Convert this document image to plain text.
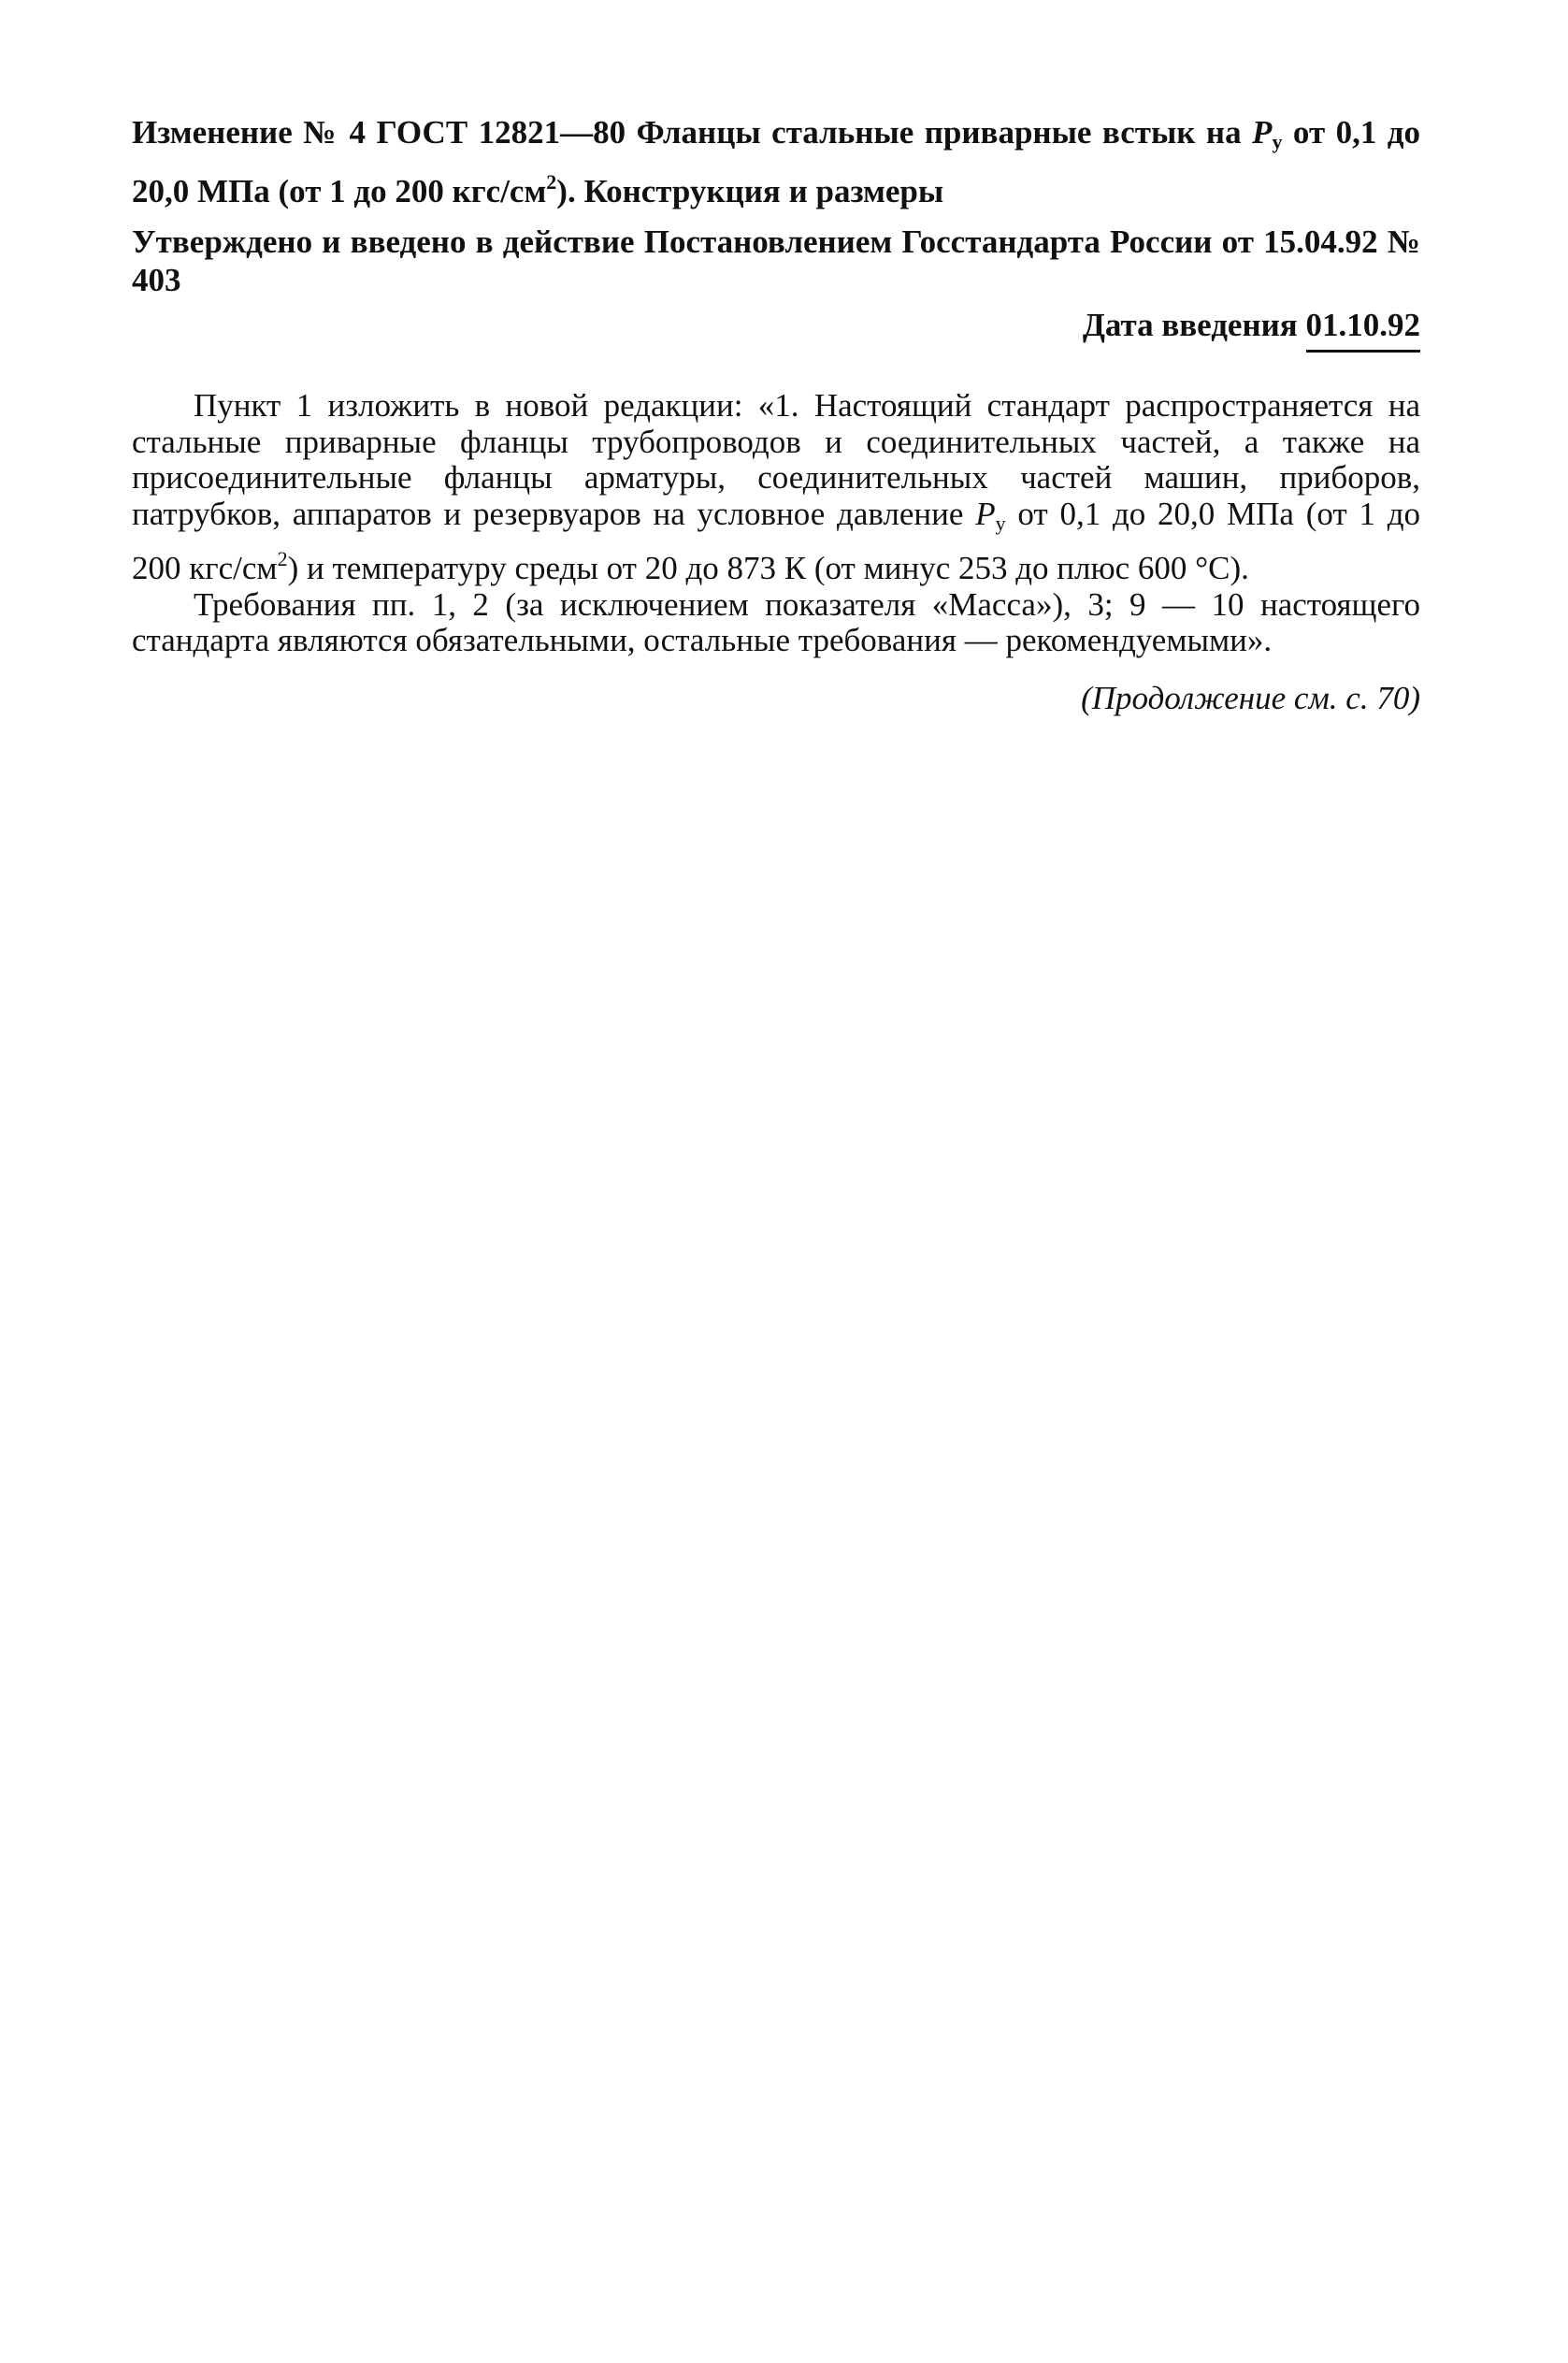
Изменение № 4 ГОСТ 12821—80 Фланцы стальные приварные встык на $P_у$ от 0,1 до 20,0 МПа (от 1 до 200 кгс/$см^2$). Конструкция и размеры

Утверждено и введено в действие Постановлением Госстандарта России от 15.04.92 № 403
Дата введения 01.10.92

Пункт 1 изложить в новой редакции: «1. Настоящий стандарт распространяется на стальные приварные фланцы трубопроводов и соединительных частей, а также на присоединительные фланцы арматуры, соединительных частей машин, приборов, патрубков, аппаратов и резервуаров на условное давление $P_у$ от 0,1 до 20,0 МПа (от 1 до 200 кгс/$см^2$) и температуру среды от 20 до 873 К (от минус 253 до плюс 600 °С).

Требования пп. 1, 2 (за исключением показателя «Масса»), 3; 9 — 10 настоящего стандарта являются обязательными, остальные требования — рекомендуемыми».

(Продолжение см. с. 70)
